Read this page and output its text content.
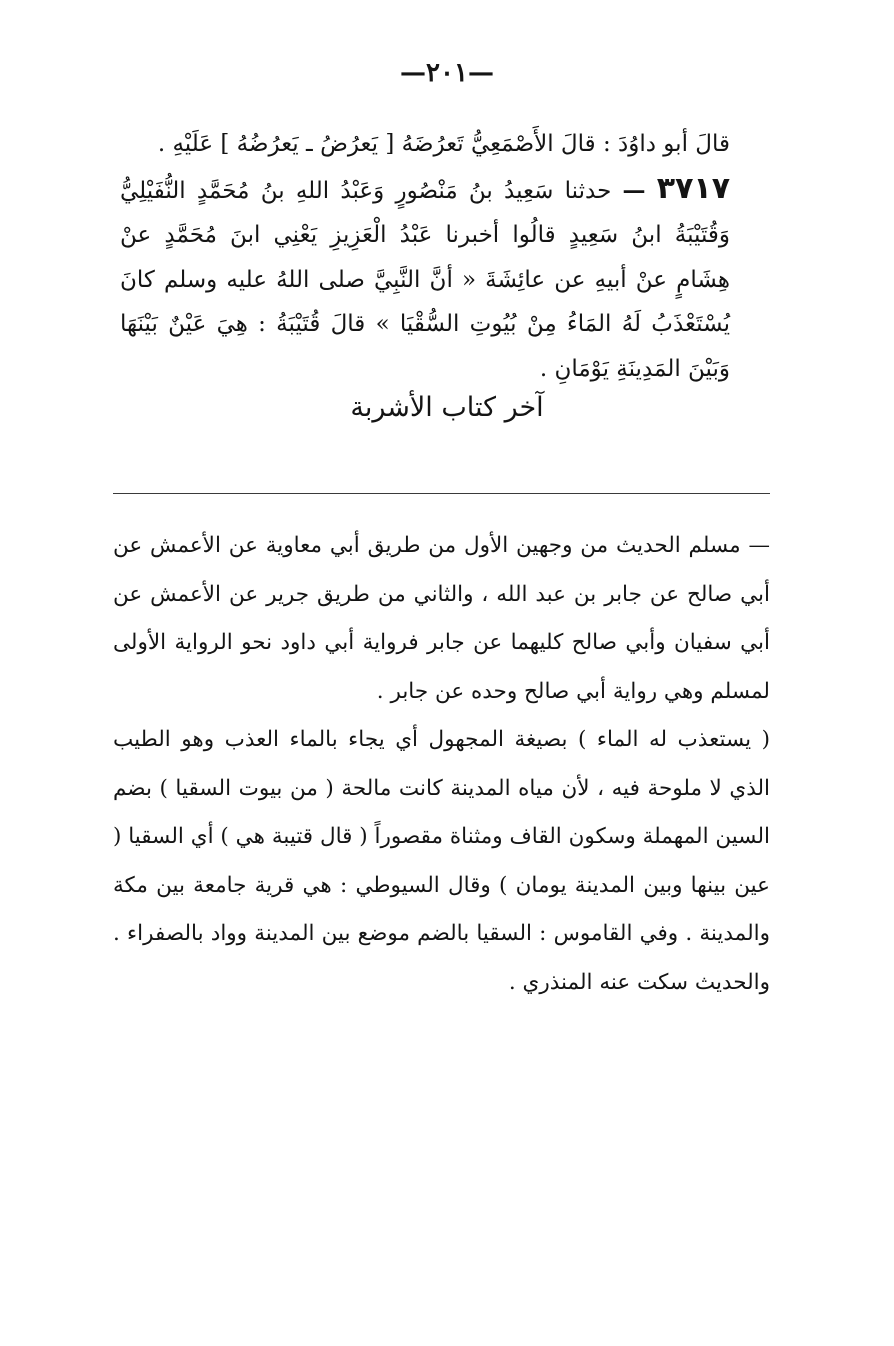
—٢٠١—

قالَ أبو داوُدَ : قالَ الأَصْمَعِيُّ تَعرُضَهُ [ يَعرُضُ ـ يَعرُضُهُ ] عَلَيْهِ .

٣٧١٧ — حدثنا سَعِيدُ بنُ مَنْصُورٍ وَعَبْدُ اللهِ بنُ مُحَمَّدٍ النُّفَيْلِيُّ وَقُتَيْبَةُ ابنُ سَعِيدٍ قالُوا أخبرنا عَبْدُ الْعَزِيزِ يَعْنِي ابنَ مُحَمَّدٍ عنْ هِشَامٍ عنْ أبيهِ عن عائِشَةَ « أنَّ النَّبِيَّ صلى اللهُ عليه وسلم كانَ يُسْتَعْذَبُ لَهُ المَاءُ مِنْ بُيُوتِ السُّقْيَا » قالَ قُتَيْبَةُ : هِيَ عَيْنٌ بَيْنَهَا وَبَيْنَ المَدِينَةِ يَوْمَانِ .

آخر كتاب الأشربة

— مسلم الحديث من وجهين الأول من طريق أبي معاوية عن الأعمش عن أبي صالح عن جابر بن عبد الله ، والثاني من طريق جرير عن الأعمش عن أبي سفيان وأبي صالح كليهما عن جابر فرواية أبي داود نحو الرواية الأولى لمسلم وهي رواية أبي صالح وحده عن جابر .

( يستعذب له الماء ) بصيغة المجهول أي يجاء بالماء العذب وهو الطيب الذي لا ملوحة فيه ، لأن مياه المدينة كانت مالحة ( من بيوت السقيا ) بضم السين المهملة وسكون القاف ومثناة مقصوراً ( قال قتيبة هي ) أي السقيا ( عين بينها وبين المدينة يومان ) وقال السيوطي : هي قرية جامعة بين مكة والمدينة . وفي القاموس : السقيا بالضم موضع بين المدينة وواد بالصفراء . والحديث سكت عنه المنذري .
